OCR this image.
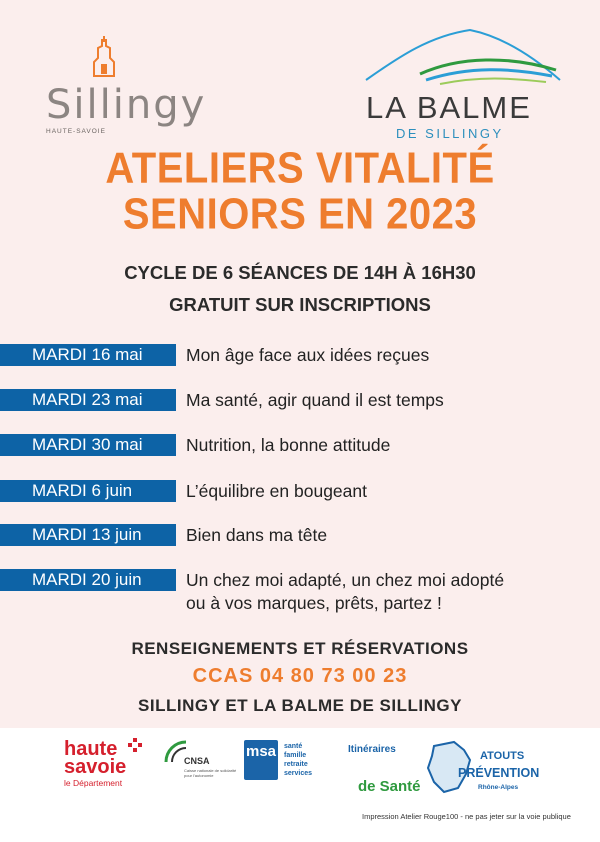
Sillingy
HAUTE-SAVOIE
LA BALME
DE SILLINGY
ATELIERS VITALITÉ
SENIORS EN 2023
CYCLE DE 6 SÉANCES DE 14H À 16H30
GRATUIT SUR INSCRIPTIONS
MARDI 16 mai	Mon âge face aux idées reçues
MARDI 23 mai	Ma santé, agir quand il est temps
MARDI 30 mai	Nutrition, la bonne attitude
MARDI 6 juin	L’équilibre en bougeant
MARDI 13 juin	Bien dans ma tête
MARDI 20 juin	Un chez moi adapté, un chez moi adopté
ou à vos marques, prêts, partez !
RENSEIGNEMENTS ET RÉSERVATIONS
CCAS 04 80 73 00 23
SILLINGY ET LA BALME DE SILLINGY
haute
savoie
le Département
CNSA
Caisse nationale de solidarité pour l'autonomie
msa santé
famille
retraite
services
Itinéraires
de Santé
ATOUTS
PRÉVENTION
Rhône-Alpes
Impression Atelier Rouge100 - ne pas jeter sur la voie publique
